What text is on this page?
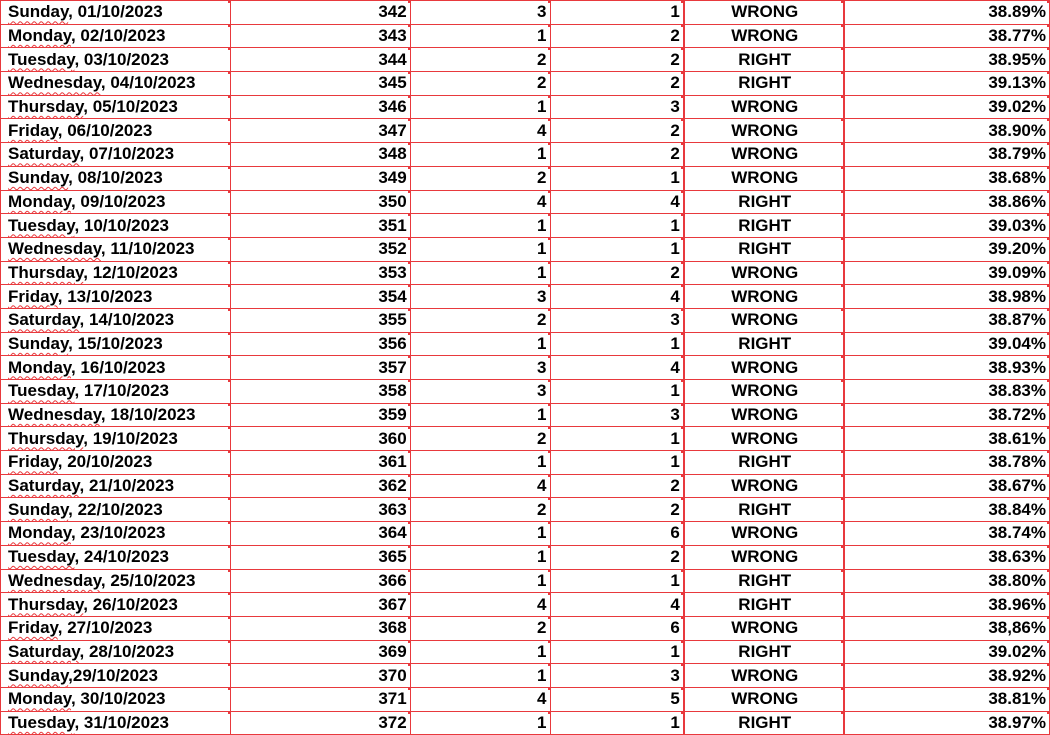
Sunday, 01/10/2023	342	3	1	WRONG	38.89%
Monday, 02/10/2023	343	1	2	WRONG	38.77%
Tuesday, 03/10/2023	344	2	2	RIGHT	38.95%
Wednesday, 04/10/2023	345	2	2	RIGHT	39.13%
Thursday, 05/10/2023	346	1	3	WRONG	39.02%
Friday, 06/10/2023	347	4	2	WRONG	38.90%
Saturday, 07/10/2023	348	1	2	WRONG	38.79%
Sunday, 08/10/2023	349	2	1	WRONG	38.68%
Monday, 09/10/2023	350	4	4	RIGHT	38.86%
Tuesday, 10/10/2023	351	1	1	RIGHT	39.03%
Wednesday, 11/10/2023	352	1	1	RIGHT	39.20%
Thursday, 12/10/2023	353	1	2	WRONG	39.09%
Friday, 13/10/2023	354	3	4	WRONG	38.98%
Saturday, 14/10/2023	355	2	3	WRONG	38.87%
Sunday, 15/10/2023	356	1	1	RIGHT	39.04%
Monday, 16/10/2023	357	3	4	WRONG	38.93%
Tuesday, 17/10/2023	358	3	1	WRONG	38.83%
Wednesday, 18/10/2023	359	1	3	WRONG	38.72%
Thursday, 19/10/2023	360	2	1	WRONG	38.61%
Friday, 20/10/2023	361	1	1	RIGHT	38.78%
Saturday, 21/10/2023	362	4	2	WRONG	38.67%
Sunday, 22/10/2023	363	2	2	RIGHT	38.84%
Monday, 23/10/2023	364	1	6	WRONG	38.74%
Tuesday, 24/10/2023	365	1	2	WRONG	38.63%
Wednesday, 25/10/2023	366	1	1	RIGHT	38.80%
Thursday, 26/10/2023	367	4	4	RIGHT	38.96%
Friday, 27/10/2023	368	2	6	WRONG	38,86%
Saturday, 28/10/2023	369	1	1	RIGHT	39.02%
Sunday,29/10/2023	370	1	3	WRONG	38.92%
Monday, 30/10/2023	371	4	5	WRONG	38.81%
Tuesday, 31/10/2023	372	1	1	RIGHT	38.97%
